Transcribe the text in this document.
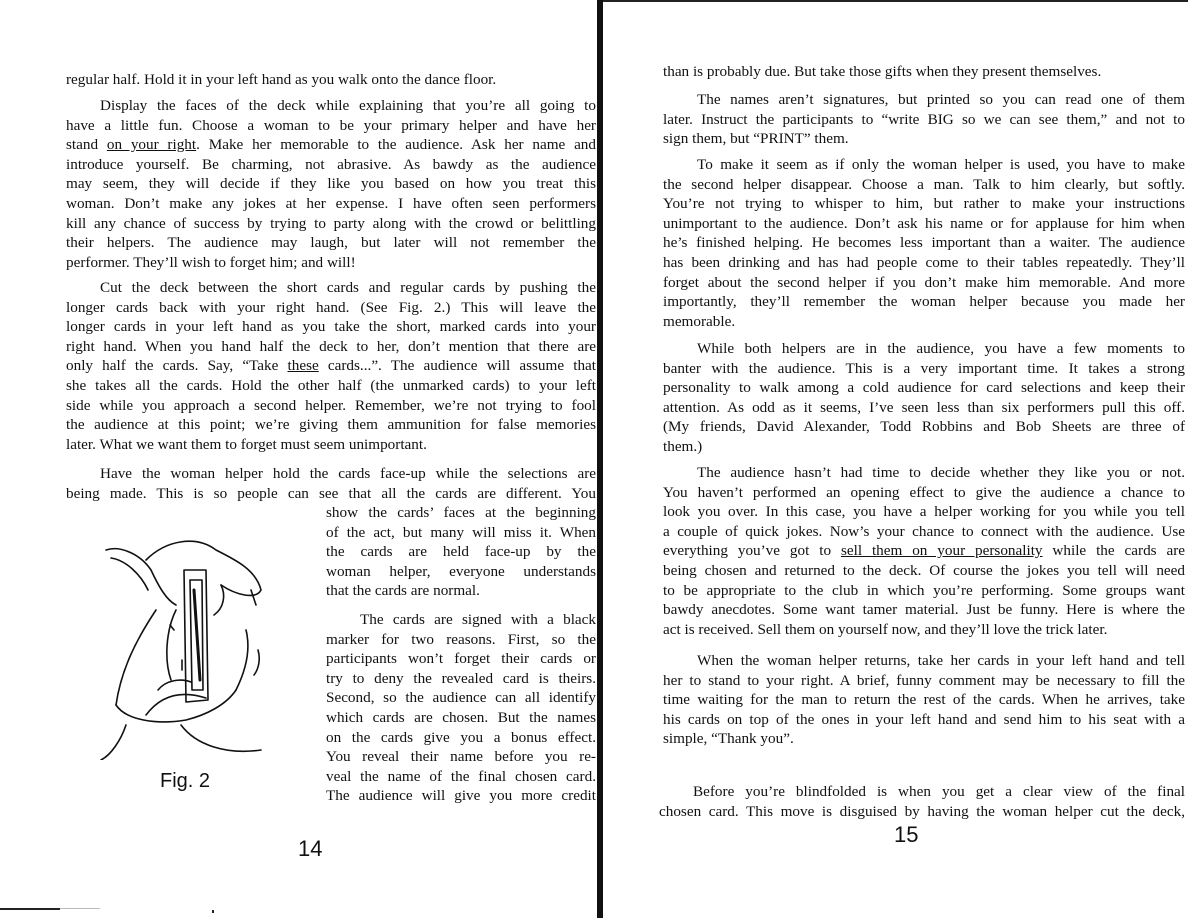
regular half. Hold it in your left hand as you walk onto the dance floor.
Display the faces of the deck while explaining that you’re all going to
have a little fun. Choose a woman to be your primary helper and have her
stand on your right. Make her memorable to the audience. Ask her name and
introduce yourself. Be charming, not abrasive. As bawdy as the audience
may seem, they will decide if they like you based on how you treat this
woman. Don’t make any jokes at her expense. I have often seen performers
kill any chance of success by trying to party along with the crowd or belittling
their helpers. The audience may laugh, but later will not remember the
performer. They’ll wish to forget him; and will!
Cut the deck between the short cards and regular cards by pushing the
longer cards back with your right hand. (See Fig. 2.) This will leave the
longer cards in your left hand as you take the short, marked cards into your
right hand. When you hand half the deck to her, don’t mention that there are
only half the cards. Say, “Take these cards...”. The audience will assume that
she takes all the cards. Hold the other half (the unmarked cards) to your left
side while you approach a second helper. Remember, we’re not trying to fool
the audience at this point; we’re giving them ammunition for false memories
later. What we want them to forget must seem unimportant.
Have the woman helper hold the cards face-up while the selections are
being made. This is so people can see that all the cards are different. You
show the cards’ faces at the beginning
of the act, but many will miss it. When
the cards are held face-up by the
woman helper, everyone understands
that the cards are normal.
The cards are signed with a black
marker for two reasons. First, so the
participants won’t forget their cards or
try to deny the revealed card is theirs.
Second, so the audience can all identify
which cards are chosen. But the names
on the cards give you a bonus effect.
You reveal their name before you re-
veal the name of the final chosen card.
The audience will give you more credit
Fig. 2
14
than is probably due. But take those gifts when they present themselves.
The names aren’t signatures, but printed so you can read one of them
later. Instruct the participants to “write BIG so we can see them,” and not to
sign them, but “PRINT” them.
To make it seem as if only the woman helper is used, you have to make
the second helper disappear. Choose a man. Talk to him clearly, but softly.
You’re not trying to whisper to him, but rather to make your instructions
unimportant to the audience. Don’t ask his name or for applause for him when
he’s finished helping. He becomes less important than a waiter. The audience
has been drinking and has had people come to their tables repeatedly. They’ll
forget about the second helper if you don’t make him memorable. And more
importantly, they’ll remember the woman helper because you made her
memorable.
While both helpers are in the audience, you have a few moments to
banter with the audience. This is a very important time. It takes a strong
personality to walk among a cold audience for card selections and keep their
attention. As odd as it seems, I’ve seen less than six performers pull this off.
(My friends, David Alexander, Todd Robbins and Bob Sheets are three of
them.)
The audience hasn’t had time to decide whether they like you or not.
You haven’t performed an opening effect to give the audience a chance to
look you over. In this case, you have a helper working for you while you tell
a couple of quick jokes. Now’s your chance to connect with the audience. Use
everything you’ve got to sell them on your personality while the cards are
being chosen and returned to the deck. Of course the jokes you tell will need
to be appropriate to the club in which you’re performing. Some groups want
bawdy anecdotes. Some want tamer material. Just be funny. Here is where the
act is received. Sell them on yourself now, and they’ll love the trick later.
When the woman helper returns, take her cards in your left hand and tell
her to stand to your right. A brief, funny comment may be necessary to fill the
time waiting for the man to return the rest of the cards. When he arrives, take
his cards on top of the ones in your left hand and send him to his seat with a
simple, “Thank you”.
Before you’re blindfolded is when you get a clear view of the final
chosen card. This move is disguised by having the woman helper cut the deck,
15
